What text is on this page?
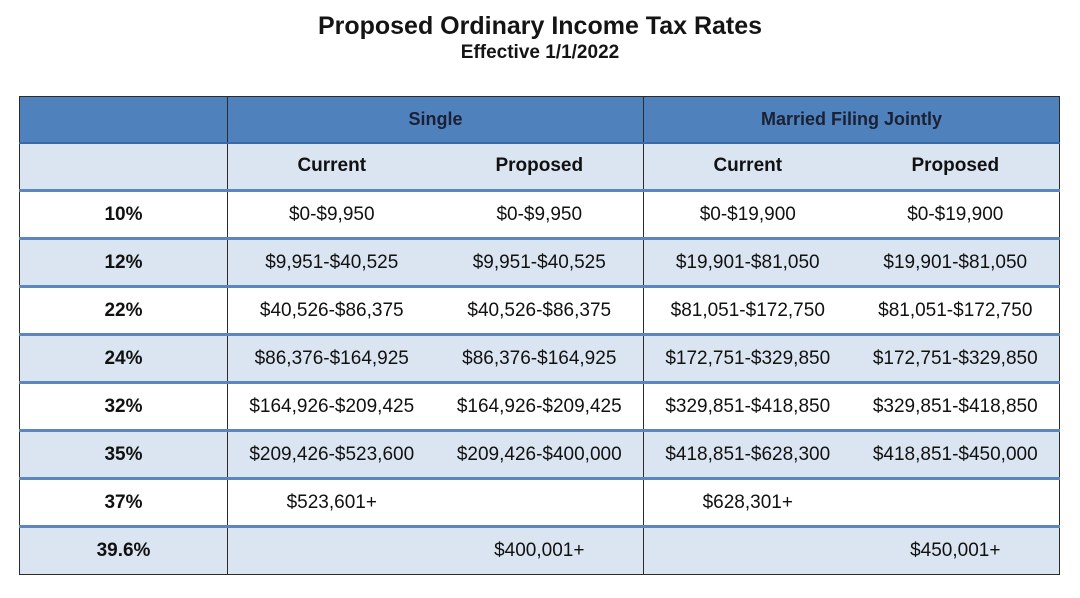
Proposed Ordinary Income Tax Rates
Effective 1/1/2022
	Single		Married Filing Jointly	
	Current	Proposed	Current	Proposed
10%	$0-$9,950	$0-$9,950	$0-$19,900	$0-$19,900
12%	$9,951-$40,525	$9,951-$40,525	$19,901-$81,050	$19,901-$81,050
22%	$40,526-$86,375	$40,526-$86,375	$81,051-$172,750	$81,051-$172,750
24%	$86,376-$164,925	$86,376-$164,925	$172,751-$329,850	$172,751-$329,850
32%	$164,926-$209,425	$164,926-$209,425	$329,851-$418,850	$329,851-$418,850
35%	$209,426-$523,600	$209,426-$400,000	$418,851-$628,300	$418,851-$450,000
37%	$523,601+		$628,301+	
39.6%		$400,001+		$450,001+
